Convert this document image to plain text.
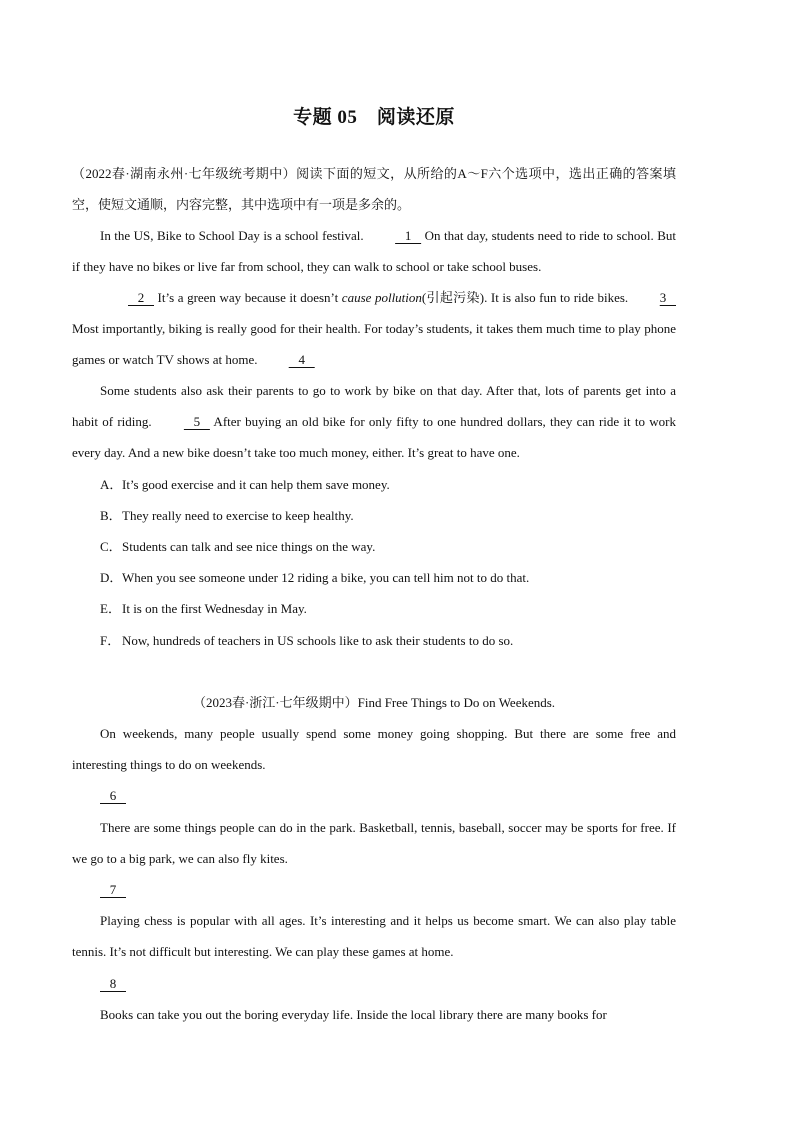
专题 05　阅读还原
（2022春·湖南永州·七年级统考期中）阅读下面的短文，从所给的A～F六个选项中，选出正确的答案填空，使短文通顺，内容完整，其中选项中有一项是多余的。
In the US, Bike to School Day is a school festival.    1    On that day, students need to ride to school. But if they have no bikes or live far from school, they can walk to school or take school buses.
2    It’s a green way because it doesn’t cause pollution(引起污染). It is also fun to ride bikes. 3    Most importantly, biking is really good for their health. For today’s students, it takes them much time to play phone games or watch TV shows at home.    4
Some students also ask their parents to go to work by bike on that day. After that, lots of parents get into a habit of riding.    5    After buying an old bike for only fifty to one hundred dollars, they can ride it to work every day. And a new bike doesn’t take too much money, either. It’s great to have one.
A．It’s good exercise and it can help them save money.
B．They really need to exercise to keep healthy.
C．Students can talk and see nice things on the way.
D．When you see someone under 12 riding a bike, you can tell him not to do that.
E．It is on the first Wednesday in May.
F． Now, hundreds of teachers in US schools like to ask their students to do so.
（2023春·浙江·七年级期中）Find Free Things to Do on Weekends.
On weekends, many people usually spend some money going shopping. But there are some free and interesting things to do on weekends.
6
There are some things people can do in the park. Basketball, tennis, baseball, soccer may be sports for free. If we go to a big park, we can also fly kites.
7
Playing chess is popular with all ages. It’s interesting and it helps us become smart. We can also play table tennis. It’s not difficult but interesting. We can play these games at home.
8
Books can take you out the boring everyday life. Inside the local library there are many books for
